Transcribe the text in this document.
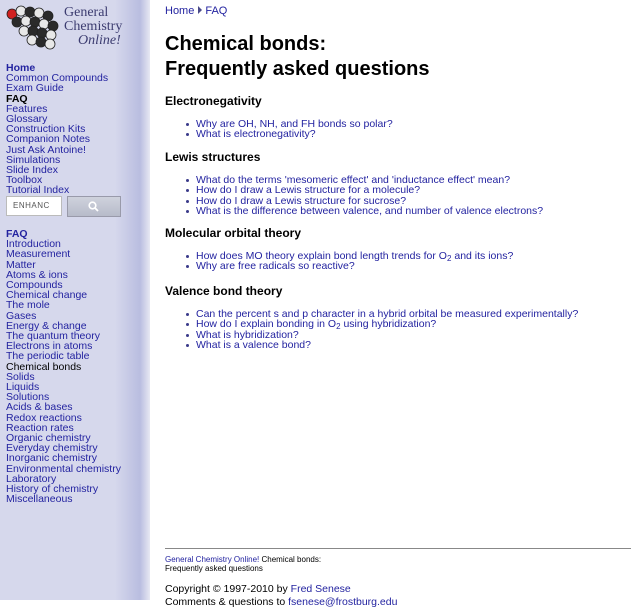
General
Chemistry
Online!
Home
Common Compounds
Exam Guide
FAQ
Features
Glossary
Construction Kits
Companion Notes
Just Ask Antoine!
Simulations
Slide Index
Toolbox
Tutorial Index
ENHANC
FAQ
Introduction
Measurement
Matter
Atoms & ions
Compounds
Chemical change
The mole
Gases
Energy & change
The quantum theory
Electrons in atoms
The periodic table
Chemical bonds
Solids
Liquids
Solutions
Acids & bases
Redox reactions
Reaction rates
Organic chemistry
Everyday chemistry
Inorganic chemistry
Environmental chemistry
Laboratory
History of chemistry
Miscellaneous
Home FAQ
Chemical bonds:
Frequently asked questions
Electronegativity
Why are OH, NH, and FH bonds so polar?
What is electronegativity?
Lewis structures
What do the terms 'mesomeric effect' and 'inductance effect' mean?
How do I draw a Lewis structure for a molecule?
How do I draw a Lewis structure for sucrose?
What is the difference between valence, and number of valence electrons?
Molecular orbital theory
How does MO theory explain bond length trends for $O_2$ and its ions?
Why are free radicals so reactive?
Valence bond theory
Can the percent s and p character in a hybrid orbital be measured experimentally?
How do I explain bonding in $O_2$ using hybridization?
What is hybridization?
What is a valence bond?
General Chemistry Online! Chemical bonds:
Frequently asked questions
Copyright © 1997-2010 by Fred Senese
Comments & questions to fsenese@frostburg.edu
